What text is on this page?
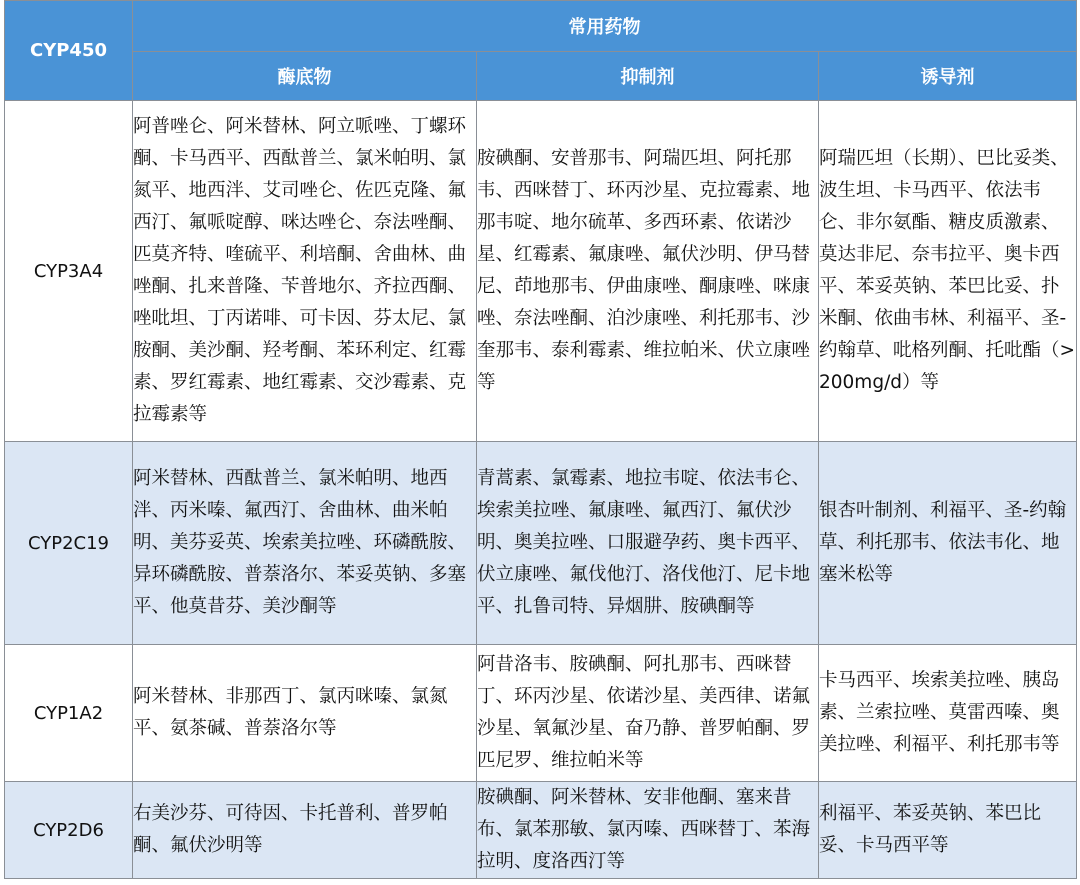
CYP450	常用药物		
	酶底物	抑制剂	诱导剂
CYP3A4	阿普唑仑、阿米替林、阿立哌唑、丁螺环酮、卡马西平、西酞普兰、氯米帕明、氯氮平、地西泮、艾司唑仑、佐匹克隆、氟西汀、氟哌啶醇、咪达唑仑、奈法唑酮、匹莫齐特、喹硫平、利培酮、舍曲林、曲唑酮、扎来普隆、苄普地尔、齐拉西酮、唑吡坦、丁丙诺啡、可卡因、芬太尼、氯胺酮、美沙酮、羟考酮、苯环利定、红霉素、罗红霉素、地红霉素、交沙霉素、克拉霉素等	胺碘酮、安普那韦、阿瑞匹坦、阿托那韦、西咪替丁、环丙沙星、克拉霉素、地那韦啶、地尔硫革、多西环素、依诺沙星、红霉素、氟康唑、氟伏沙明、伊马替尼、茚地那韦、伊曲康唑、酮康唑、咪康唑、奈法唑酮、泊沙康唑、利托那韦、沙奎那韦、泰利霉素、维拉帕米、伏立康唑等	阿瑞匹坦（长期）、巴比妥类、波生坦、卡马西平、依法韦仑、非尔氨酯、糖皮质激素、莫达非尼、奈韦拉平、奥卡西平、苯妥英钠、苯巴比妥、扑米酮、依曲韦林、利福平、圣-约翰草、吡格列酮、托吡酯（>200mg/d）等
CYP2C19	阿米替林、西酞普兰、氯米帕明、地西泮、丙米嗪、氟西汀、舍曲林、曲米帕明、美芬妥英、埃索美拉唑、环磷酰胺、异环磷酰胺、普萘洛尔、苯妥英钠、多塞平、他莫昔芬、美沙酮等	青蒿素、氯霉素、地拉韦啶、依法韦仑、埃索美拉唑、氟康唑、氟西汀、氟伏沙明、奥美拉唑、口服避孕药、奥卡西平、伏立康唑、氟伐他汀、洛伐他汀、尼卡地平、扎鲁司特、异烟肼、胺碘酮等	银杏叶制剂、利福平、圣-约翰草、利托那韦、依法韦化、地塞米松等
CYP1A2	阿米替林、非那西丁、氯丙咪嗪、氯氮平、氨茶碱、普萘洛尔等	阿昔洛韦、胺碘酮、阿扎那韦、西咪替丁、环丙沙星、依诺沙星、美西律、诺氟沙星、氧氟沙星、奋乃静、普罗帕酮、罗匹尼罗、维拉帕米等	卡马西平、埃索美拉唑、胰岛素、兰索拉唑、莫雷西嗪、奥美拉唑、利福平、利托那韦等
CYP2D6	右美沙芬、可待因、卡托普利、普罗帕酮、氟伏沙明等	胺碘酮、阿米替林、安非他酮、塞来昔布、氯苯那敏、氯丙嗪、西咪替丁、苯海拉明、度洛西汀等	利福平、苯妥英钠、苯巴比妥、卡马西平等
